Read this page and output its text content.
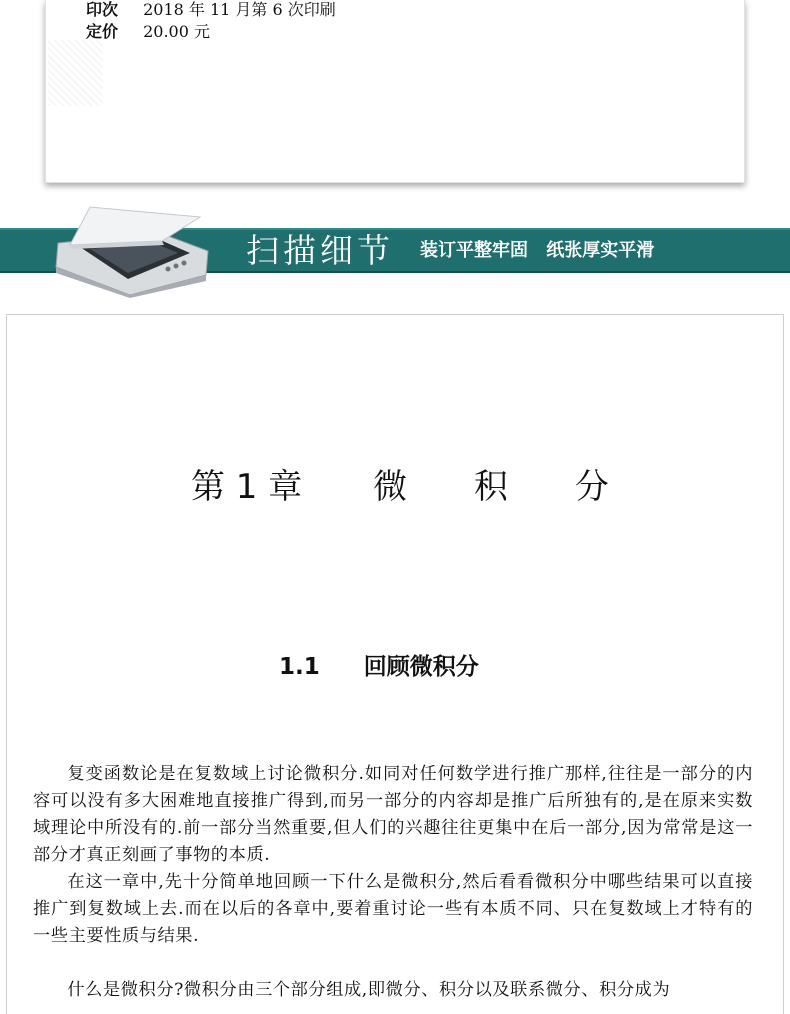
印次 2018 年 11 月第 6 次印刷
定价 20.00 元
扫描细节 装订平整牢固 纸张厚实平滑
第 1 章 微 积 分
1.1 回顾微积分

复变函数论是在复数域上讨论微积分.如同对任何数学进行推广那样,往往是一部分的内容可以没有多大困难地直接推广得到,而另一部分的内容却是推广后所独有的,是在原来实数域理论中所没有的.前一部分当然重要,但人们的兴趣往往更集中在后一部分,因为常常是这一部分才真正刻画了事物的本质.

在这一章中,先十分简单地回顾一下什么是微积分,然后看看微积分中哪些结果可以直接推广到复数域上去.而在以后的各章中,要着重讨论一些有本质不同、只在复数域上才特有的一些主要性质与结果.

什么是微积分?微积分由三个部分组成,即微分、积分以及联系微分、积分成为
